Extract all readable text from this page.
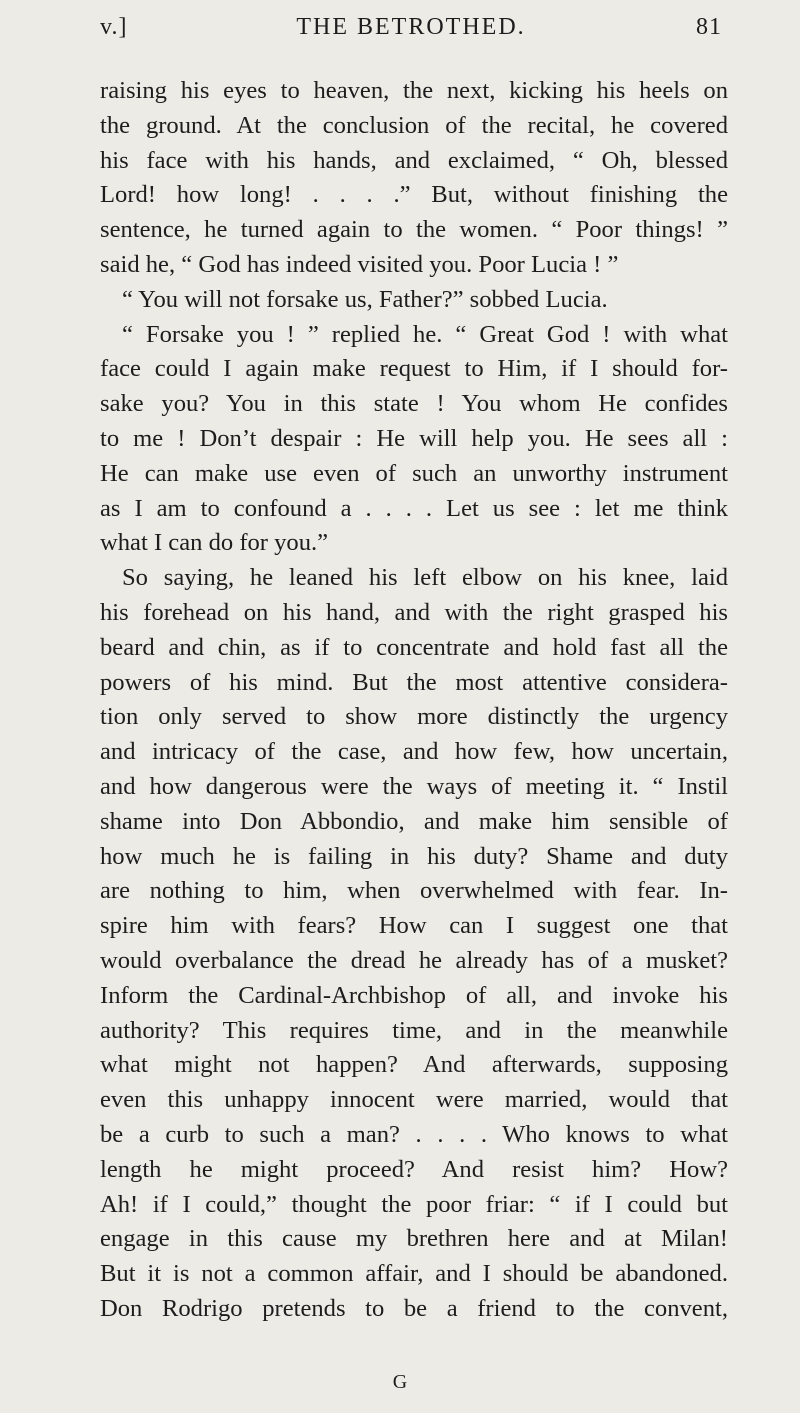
v.]	THE BETROTHED.	81

raising his eyes to heaven, the next, kicking his heels on

the ground. At the conclusion of the recital, he covered

his face with his hands, and exclaimed, “ Oh, blessed

Lord! how long! . . . .” But, without finishing the

sentence, he turned again to the women. “ Poor things! ”

said he, “ God has indeed visited you. Poor Lucia ! ”

“ You will not forsake us, Father?” sobbed Lucia.

“ Forsake you ! ” replied he. “ Great God ! with what

face could I again make request to Him, if I should for-

sake you? You in this state ! You whom He confides

to me ! Don’t despair : He will help you. He sees all :

He can make use even of such an unworthy instrument

as I am to confound a . . . . Let us see : let me think

what I can do for you.”

So saying, he leaned his left elbow on his knee, laid

his forehead on his hand, and with the right grasped his

beard and chin, as if to concentrate and hold fast all the

powers of his mind. But the most attentive considera-

tion only served to show more distinctly the urgency

and intricacy of the case, and how few, how uncertain,

and how dangerous were the ways of meeting it. “ Instil

shame into Don Abbondio, and make him sensible of

how much he is failing in his duty? Shame and duty

are nothing to him, when overwhelmed with fear. In-

spire him with fears? How can I suggest one that

would overbalance the dread he already has of a musket?

Inform the Cardinal-Archbishop of all, and invoke his

authority? This requires time, and in the meanwhile

what might not happen? And afterwards, supposing

even this unhappy innocent were married, would that

be a curb to such a man? . . . . Who knows to what

length he might proceed? And resist him? How?

Ah! if I could,” thought the poor friar: “ if I could but

engage in this cause my brethren here and at Milan!

But it is not a common affair, and I should be abandoned.

Don Rodrigo pretends to be a friend to the convent,

G
